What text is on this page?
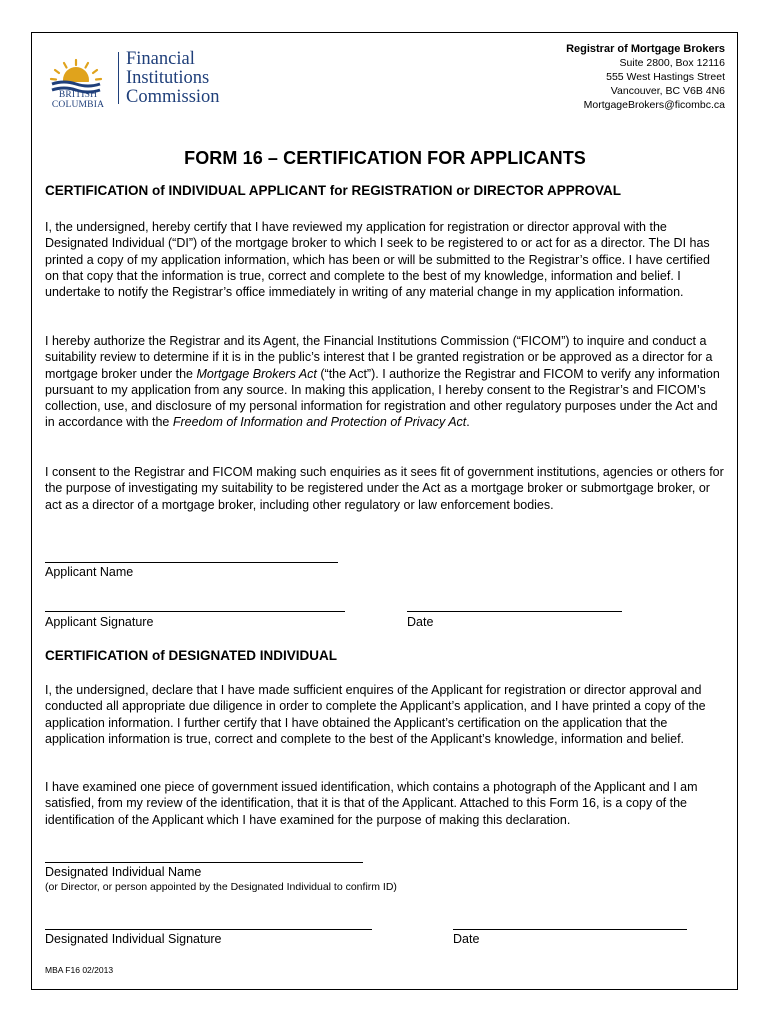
BRITISH
COLUMBIA
Financial
Institutions
Commission
Registrar of Mortgage Brokers
Suite 2800, Box 12116
555 West Hastings Street
Vancouver, BC V6B 4N6
MortgageBrokers@ficombc.ca
FORM 16 – CERTIFICATION FOR APPLICANTS
CERTIFICATION of INDIVIDUAL APPLICANT for REGISTRATION or DIRECTOR APPROVAL
I, the undersigned, hereby certify that I have reviewed my application for registration or director approval with the Designated Individual (“DI”) of the mortgage broker to which I seek to be registered to or act for as a director. The DI has printed a copy of my application information, which has been or will be submitted to the Registrar’s office. I have certified on that copy that the information is true, correct and complete to the best of my knowledge, information and belief. I undertake to notify the Registrar’s office immediately in writing of any material change in my application information.
I hereby authorize the Registrar and its Agent, the Financial Institutions Commission (“FICOM”) to inquire and conduct a suitability review to determine if it is in the public’s interest that I be granted registration or be approved as a director for a mortgage broker under the Mortgage Brokers Act (“the Act”). I authorize the Registrar and FICOM to verify any information pursuant to my application from any source. In making this application, I hereby consent to the Registrar’s and FICOM’s collection, use, and disclosure of my personal information for registration and other regulatory purposes under the Act and in accordance with the Freedom of Information and Protection of Privacy Act.
I consent to the Registrar and FICOM making such enquiries as it sees fit of government institutions, agencies or others for the purpose of investigating my suitability to be registered under the Act as a mortgage broker or submortgage broker, or act as a director of a mortgage broker, including other regulatory or law enforcement bodies.
Applicant Name
Applicant Signature	Date
CERTIFICATION of DESIGNATED INDIVIDUAL
I, the undersigned, declare that I have made sufficient enquires of the Applicant for registration or director approval and conducted all appropriate due diligence in order to complete the Applicant’s application, and I have printed a copy of the application information. I further certify that I have obtained the Applicant’s certification on the application that the application information is true, correct and complete to the best of the Applicant’s knowledge, information and belief.
I have examined one piece of government issued identification, which contains a photograph of the Applicant and I am satisfied, from my review of the identification, that it is that of the Applicant. Attached to this Form 16, is a copy of the identification of the Applicant which I have examined for the purpose of making this declaration.
Designated Individual Name
(or Director, or person appointed by the Designated Individual to confirm ID)
Designated Individual Signature	Date
MBA F16 02/2013
